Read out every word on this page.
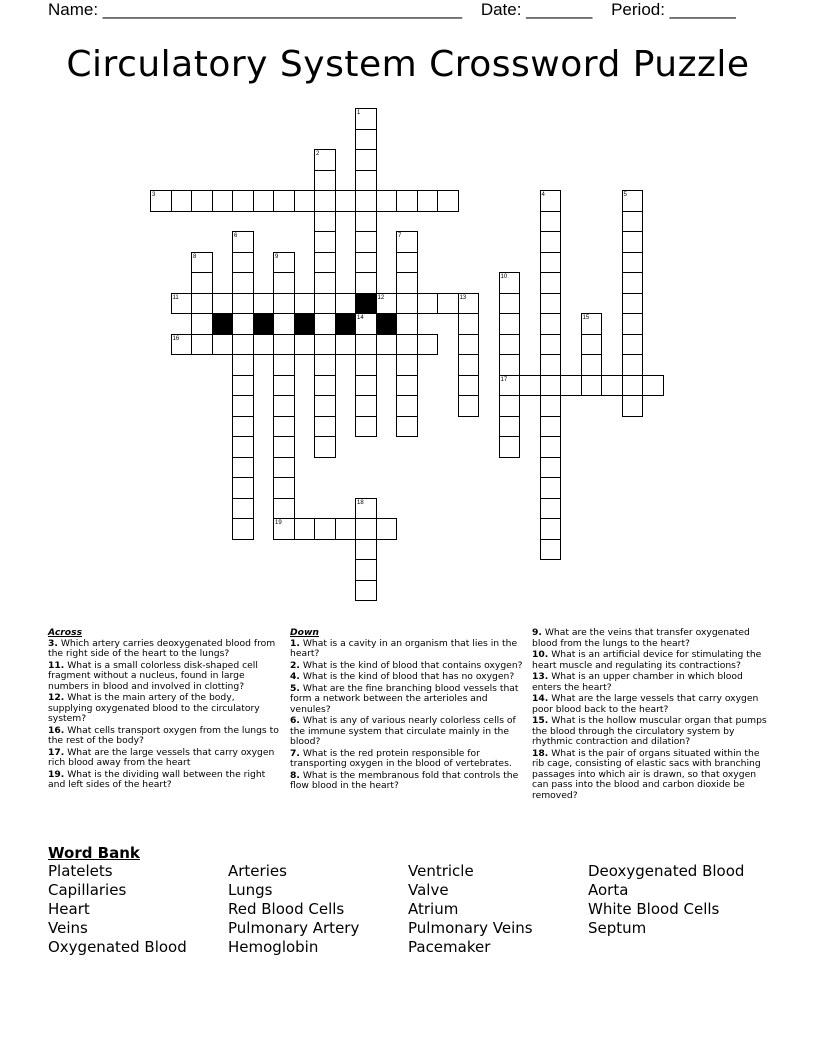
Name: ______________________________________ Date: _______ Period: _______
Circulatory System Crossword Puzzle
1
2
3	4	5
6	7
8	9
10
17
11	12	13
14	15
16
18
19
Across
3. Which artery carries deoxygenated blood from the right side of the heart to the lungs?
11. What is a small colorless disk-shaped cell fragment without a nucleus, found in large numbers in blood and involved in clotting?
12. What is the main artery of the body, supplying oxygenated blood to the circulatory system?
16. What cells transport oxygen from the lungs to the rest of the body?
17. What are the large vessels that carry oxygen rich blood away from the heart
19. What is the dividing wall between the right and left sides of the heart?
Down
1. What is a cavity in an organism that lies in the heart?
2. What is the kind of blood that contains oxygen?
4. What is the kind of blood that has no oxygen?
5. What are the fine branching blood vessels that form a network between the arterioles and venules?
6. What is any of various nearly colorless cells of the immune system that circulate mainly in the blood?
7. What is the red protein responsible for transporting oxygen in the blood of vertebrates.
8. What is the membranous fold that controls the flow blood in the heart?
9. What are the veins that transfer oxygenated blood from the lungs to the heart?
10. What is an artificial device for stimulating the heart muscle and regulating its contractions?
13. What is an upper chamber in which blood enters the heart?
14. What are the large vessels that carry oxygen poor blood back to the heart?
15. What is the hollow muscular organ that pumps the blood through the circulatory system by rhythmic contraction and dilation?
18. What is the pair of organs situated within the rib cage, consisting of elastic sacs with branching passages into which air is drawn, so that oxygen can pass into the blood and carbon dioxide be removed?
Word Bank
Platelets	Arteries	Ventricle	Deoxygenated Blood
Capillaries	Lungs	Valve	Aorta
Heart	Red Blood Cells	Atrium	White Blood Cells
Veins	Pulmonary Artery	Pulmonary Veins	Septum
Oxygenated Blood	Hemoglobin	Pacemaker
